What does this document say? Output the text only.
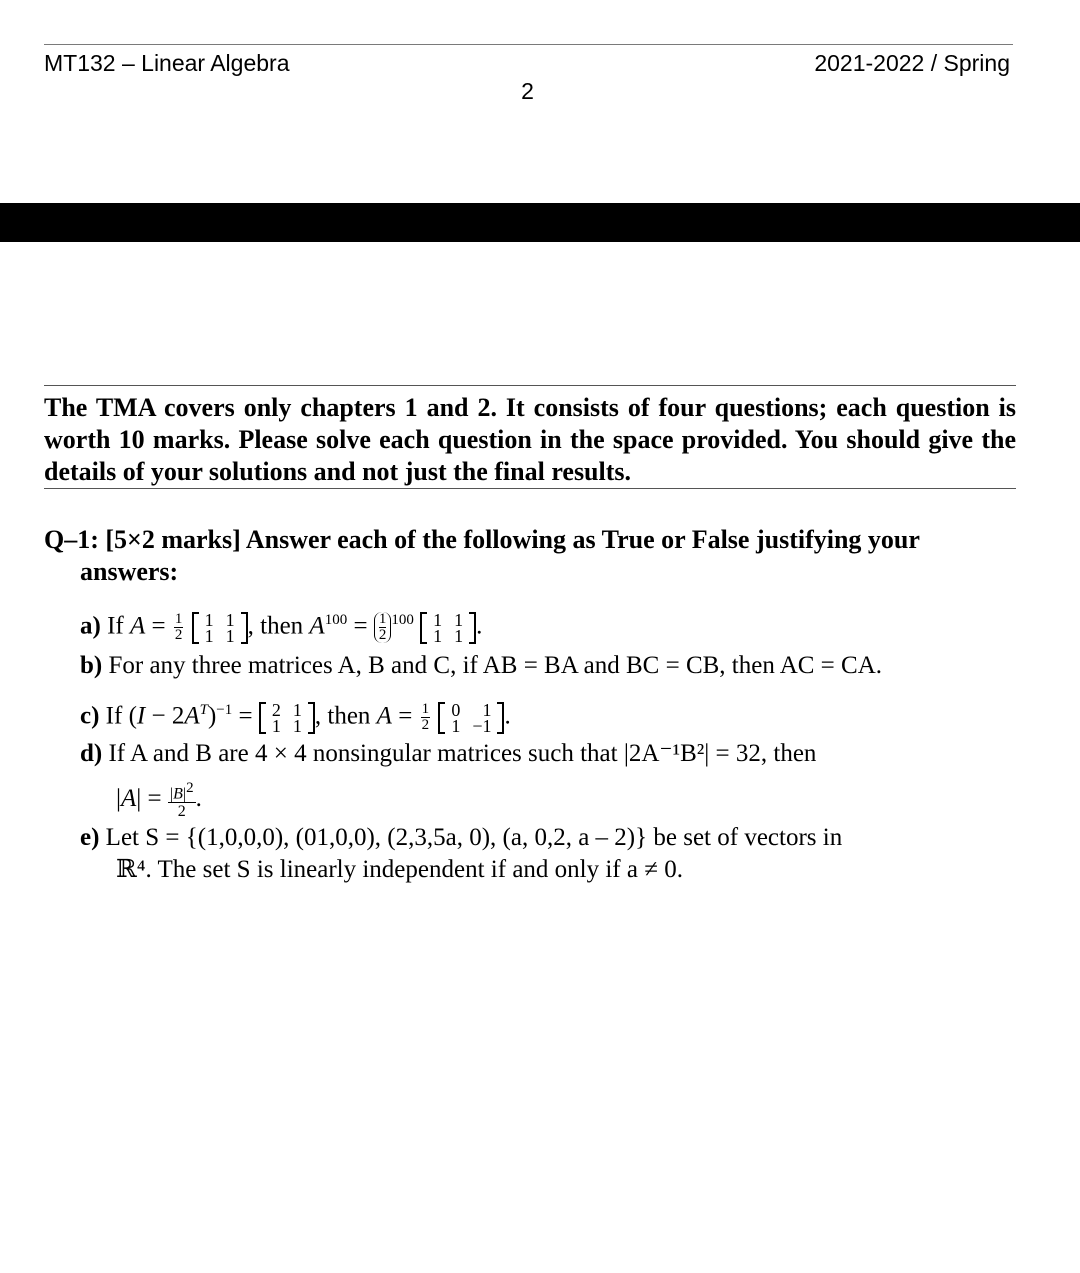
MT132 – Linear Algebra	2021-2022 / Spring
2

The TMA covers only chapters 1 and 2. It consists of four questions; each question is worth 10 marks. Please solve each question in the space provided. You should give the details of your solutions and not just the final results.

Q–1: [5×2 marks] Answer each of the following as True or False justifying your
answers:
a) If $A = \frac{1}{2}$
1	1
1	1 , then $A^{100} = \frac{1}{2}^{100}$ 1	1
1	1 .
b) For any three matrices A, B and C, if AB = BA and BC = CB, then AC = CA.
c) If $(I - 2A^T)^{-1} = 2$	1
1	1 , then $A = \frac{1}{2}$
0	1
1	−1 .
d) If A and B are 4 × 4 nonsingular matrices such that |2A⁻¹B²| = 32, then
$|A| = \frac{|B|^2}{2}$.
e) Let S = {(1,0,0,0), (01,0,0), (2,3,5a, 0), (a, 0,2, a – 2)} be set of vectors in
ℝ⁴. The set S is linearly independent if and only if a ≠ 0.
